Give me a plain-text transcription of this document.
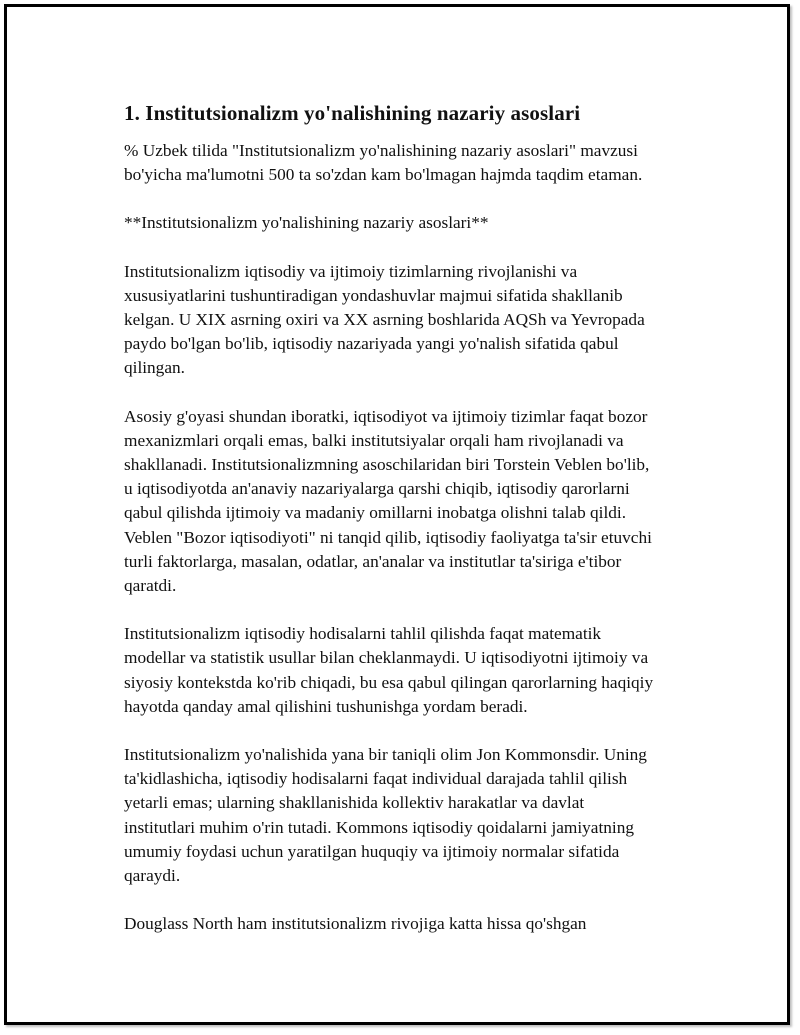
1. Institutsionalizm yo'nalishining nazariy asoslari

% Uzbek tilida "Institutsionalizm yo'nalishining nazariy asoslari" mavzusi
bo'yicha ma'lumotni 500 ta so'zdan kam bo'lmagan hajmda taqdim etaman.

**Institutsionalizm yo'nalishining nazariy asoslari**

Institutsionalizm iqtisodiy va ijtimoiy tizimlarning rivojlanishi va
xususiyatlarini tushuntiradigan yondashuvlar majmui sifatida shakllanib
kelgan. U XIX asrning oxiri va XX asrning boshlarida AQSh va Yevropada
paydo bo'lgan bo'lib, iqtisodiy nazariyada yangi yo'nalish sifatida qabul
qilingan.

Asosiy g'oyasi shundan iboratki, iqtisodiyot va ijtimoiy tizimlar faqat bozor
mexanizmlari orqali emas, balki institutsiyalar orqali ham rivojlanadi va
shakllanadi. Institutsionalizmning asoschilaridan biri Torstein Veblen bo'lib,
u iqtisodiyotda an'anaviy nazariyalarga qarshi chiqib, iqtisodiy qarorlarni
qabul qilishda ijtimoiy va madaniy omillarni inobatga olishni talab qildi.
Veblen "Bozor iqtisodiyoti" ni tanqid qilib, iqtisodiy faoliyatga ta'sir etuvchi
turli faktorlarga, masalan, odatlar, an'analar va institutlar ta'siriga e'tibor
qaratdi.

Institutsionalizm iqtisodiy hodisalarni tahlil qilishda faqat matematik
modellar va statistik usullar bilan cheklanmaydi. U iqtisodiyotni ijtimoiy va
siyosiy kontekstda ko'rib chiqadi, bu esa qabul qilingan qarorlarning haqiqiy
hayotda qanday amal qilishini tushunishga yordam beradi.

Institutsionalizm yo'nalishida yana bir taniqli olim Jon Kommonsdir. Uning
ta'kidlashicha, iqtisodiy hodisalarni faqat individual darajada tahlil qilish
yetarli emas; ularning shakllanishida kollektiv harakatlar va davlat
institutlari muhim o'rin tutadi. Kommons iqtisodiy qoidalarni jamiyatning
umumiy foydasi uchun yaratilgan huquqiy va ijtimoiy normalar sifatida
qaraydi.

Douglass North ham institutsionalizm rivojiga katta hissa qo'shgan
